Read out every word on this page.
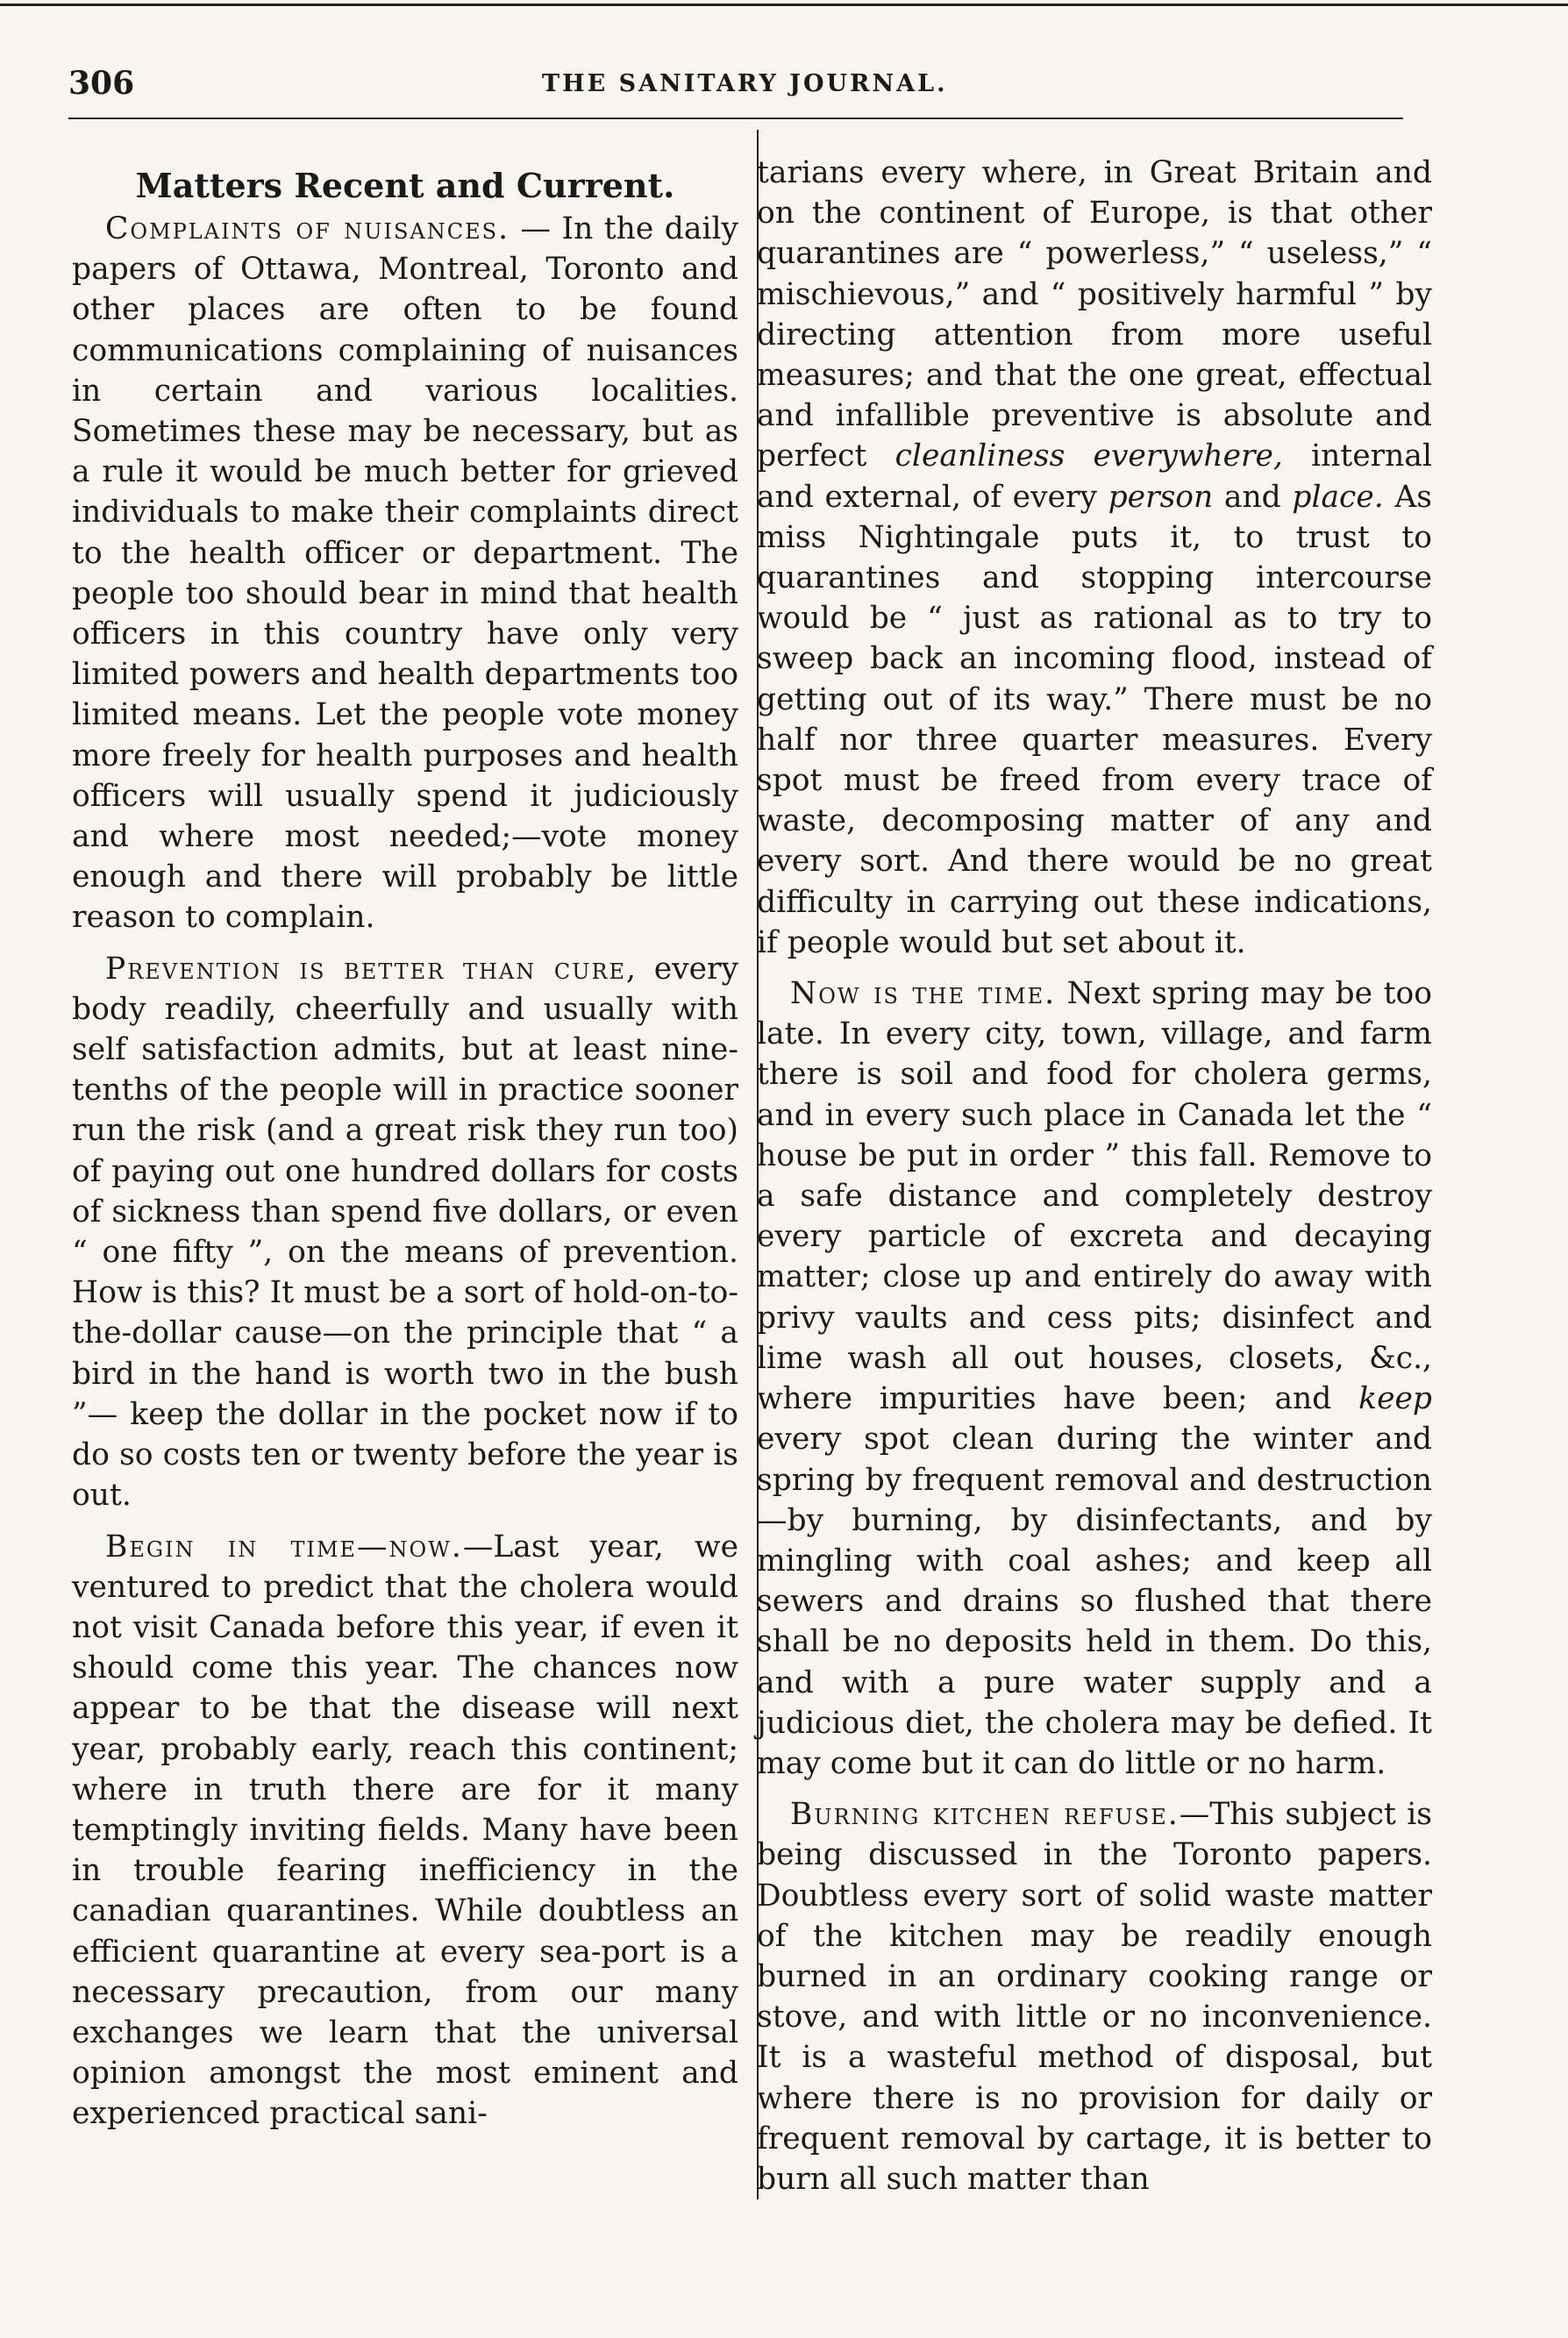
306	THE SANITARY JOURNAL.
Matters Recent and Current.

Complaints of nuisances. — In the daily papers of Ottawa, Montreal, Toronto and other places are often to be found communications complaining of nuisances in certain and various localities. Sometimes these may be necessary, but as a rule it would be much better for grieved individuals to make their complaints direct to the health officer or department. The people too should bear in mind that health officers in this country have only very limited powers and health departments too limited means. Let the people vote money more freely for health purposes and health officers will usually spend it judiciously and where most needed;—vote money enough and there will probably be little reason to complain.

Prevention is better than cure, every body readily, cheerfully and usually with self satisfaction admits, but at least nine-tenths of the people will in practice sooner run the risk (and a great risk they run too) of paying out one hundred dollars for costs of sickness than spend five dollars, or even “ one fifty ”, on the means of prevention. How is this? It must be a sort of hold-on-to-the-dollar cause—on the principle that “ a bird in the hand is worth two in the bush ”— keep the dollar in the pocket now if to do so costs ten or twenty before the year is out.

Begin in time—now.—Last year, we ventured to predict that the cholera would not visit Canada before this year, if even it should come this year. The chances now appear to be that the disease will next year, probably early, reach this continent; where in truth there are for it many temptingly inviting fields. Many have been in trouble fearing inefficiency in the canadian quarantines. While doubtless an efficient quarantine at every sea-port is a necessary precaution, from our many exchanges we learn that the universal opinion amongst the most eminent and experienced practical sani-

tarians every where, in Great Britain and on the continent of Europe, is that other quarantines are “ powerless,” “ useless,” “ mischievous,” and “ positively harmful ” by directing attention from more useful measures; and that the one great, effectual and infallible preventive is absolute and perfect cleanliness everywhere, internal and external, of every person and place. As miss Nightingale puts it, to trust to quarantines and stopping intercourse would be “ just as rational as to try to sweep back an incoming flood, instead of getting out of its way.” There must be no half nor three quarter measures. Every spot must be freed from every trace of waste, decomposing matter of any and every sort. And there would be no great difficulty in carrying out these indications, if people would but set about it.

Now is the time. Next spring may be too late. In every city, town, village, and farm there is soil and food for cholera germs, and in every such place in Canada let the “ house be put in order ” this fall. Remove to a safe distance and completely destroy every particle of excreta and decaying matter; close up and entirely do away with privy vaults and cess pits; disinfect and lime wash all out houses, closets, &c., where impurities have been; and keep every spot clean during the winter and spring by frequent removal and destruction—by burning, by disinfectants, and by mingling with coal ashes; and keep all sewers and drains so flushed that there shall be no deposits held in them. Do this, and with a pure water supply and a judicious diet, the cholera may be defied. It may come but it can do little or no harm.

Burning kitchen refuse.—This subject is being discussed in the Toronto papers. Doubtless every sort of solid waste matter of the kitchen may be readily enough burned in an ordinary cooking range or stove, and with little or no inconvenience. It is a wasteful method of disposal, but where there is no provision for daily or frequent removal by cartage, it is better to burn all such matter than
